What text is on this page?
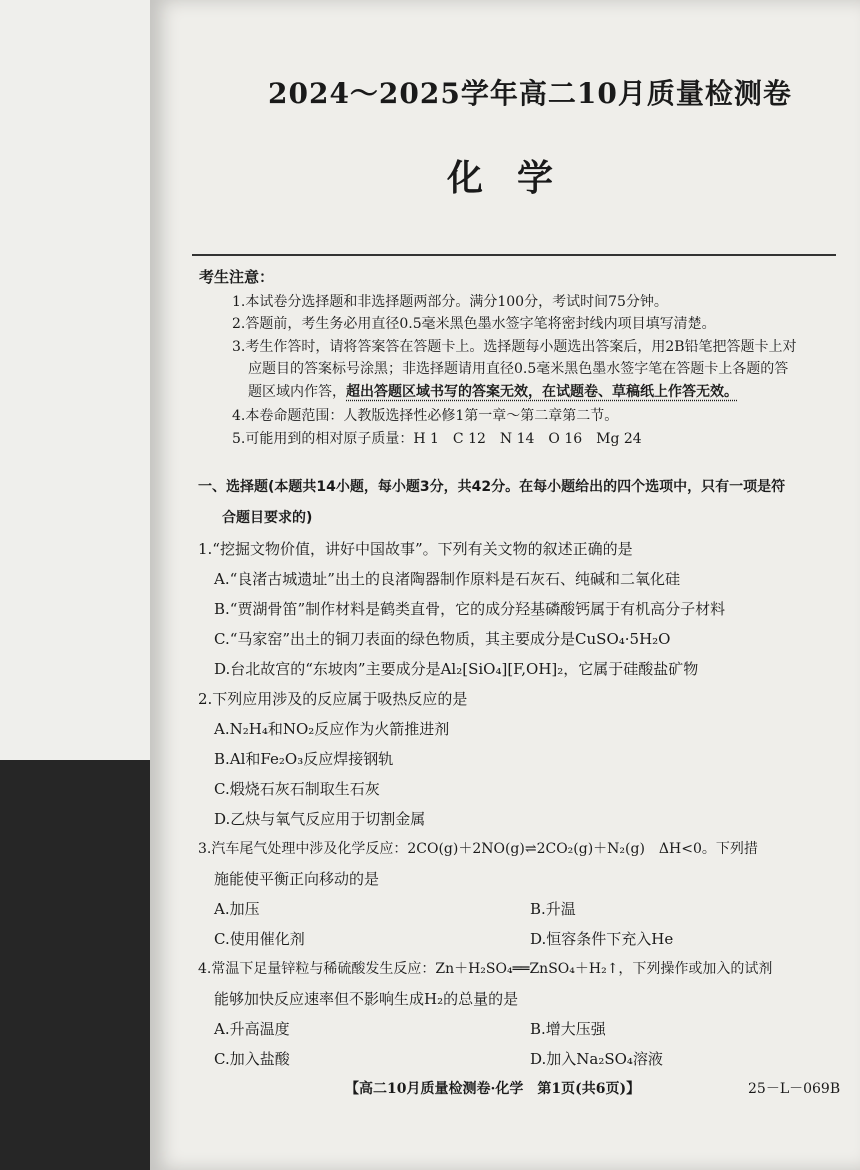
2024～2025学年高二10月质量检测卷
化学
考生注意：
1.本试卷分选择题和非选择题两部分。满分100分，考试时间75分钟。
2.答题前，考生务必用直径0.5毫米黑色墨水签字笔将密封线内项目填写清楚。
3.考生作答时，请将答案答在答题卡上。选择题每小题选出答案后，用2B铅笔把答题卡上对
应题目的答案标号涂黑；非选择题请用直径0.5毫米黑色墨水签字笔在答题卡上各题的答
题区域内作答，超出答题区域书写的答案无效，在试题卷、草稿纸上作答无效。
4.本卷命题范围：人教版选择性必修1第一章～第二章第二节。
5.可能用到的相对原子质量：H 1　C 12　N 14　O 16　Mg 24
一、选择题(本题共14小题，每小题3分，共42分。在每小题给出的四个选项中，只有一项是符
合题目要求的)
1.“挖掘文物价值，讲好中国故事”。下列有关文物的叙述正确的是
A.“良渚古城遗址”出土的良渚陶器制作原料是石灰石、纯碱和二氧化硅
B.“贾湖骨笛”制作材料是鹤类直骨，它的成分羟基磷酸钙属于有机高分子材料
C.“马家窑”出土的铜刀表面的绿色物质，其主要成分是CuSO₄·5H₂O
D.台北故宫的“东坡肉”主要成分是Al₂[SiO₄][F,OH]₂，它属于硅酸盐矿物
2.下列应用涉及的反应属于吸热反应的是
A.N₂H₄和NO₂反应作为火箭推进剂
B.Al和Fe₂O₃反应焊接钢轨
C.煅烧石灰石制取生石灰
D.乙炔与氧气反应用于切割金属
3.汽车尾气处理中涉及化学反应：2CO(g)＋2NO(g)⇌2CO₂(g)＋N₂(g)　ΔH<0。下列措
施能使平衡正向移动的是
A.加压	B.升温
C.使用催化剂	D.恒容条件下充入He
4.常温下足量锌粒与稀硫酸发生反应：Zn＋H₂SO₄══ZnSO₄＋H₂↑，下列操作或加入的试剂
能够加快反应速率但不影响生成H₂的总量的是
A.升高温度	B.增大压强
C.加入盐酸	D.加入Na₂SO₄溶液
【高二10月质量检测卷·化学　第1页(共6页)】	25－L－069B
